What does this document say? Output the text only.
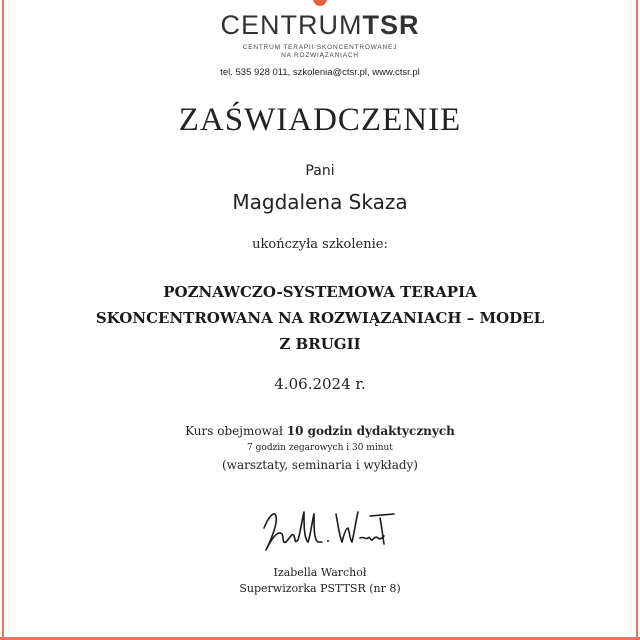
CENTRUMTSR
CENTRUM TERAPII SKONCENTROWANEJ
NA ROZWIĄZANIACH
tel. 535 928 011, szkolenia@ctsr.pl, www.ctsr.pl
ZAŚWIADCZENIE
Pani
Magdalena Skaza
ukończyła szkolenie:
POZNAWCZO-SYSTEMOWA TERAPIA
SKONCENTROWANA NA ROZWIĄZANIACH – MODEL
Z BRUGII
4.06.2024 r.
Kurs obejmował 10 godzin dydaktycznych
7 godzin zegarowych i 30 minut
(warsztaty, seminaria i wykłady)
Izabella Warchoł
Superwizorka PSTTSR (nr 8)
